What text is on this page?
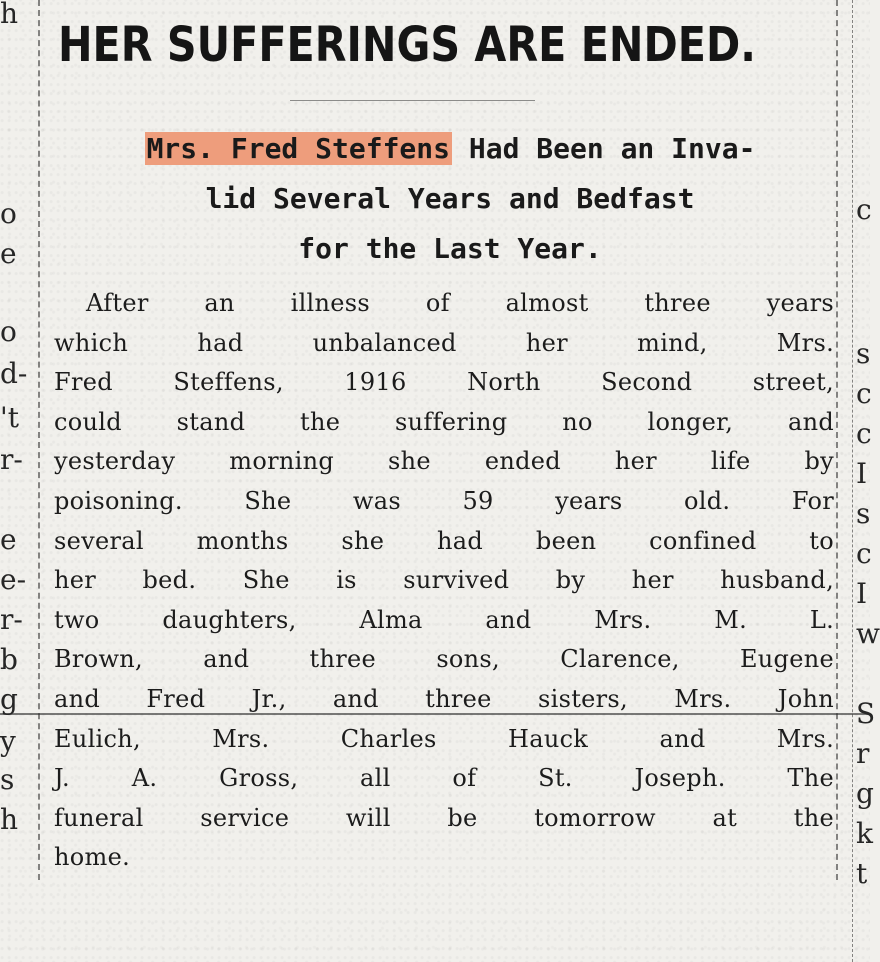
h
o
e
o
d-
't
r-
e
e-
r-
b
g
y
s
h
c
s
c
c
I
s
c
I
w
S
r
g
k
t
HER SUFFERINGS ARE ENDED.
Mrs. Fred Steffens Had Been an Inva-
lid Several Years and Bedfast
for the Last Year.
After an illness of almost three years
which had unbalanced her mind, Mrs.
Fred Steffens, 1916 North Second street,
could stand the suffering no longer, and
yesterday morning she ended her life by
poisoning. She was 59 years old. For
several months she had been confined to
her bed. She is survived by her husband,
two daughters, Alma and Mrs. M. L.
Brown, and three sons, Clarence, Eugene
and Fred Jr., and three sisters, Mrs. John
Eulich, Mrs. Charles Hauck and Mrs.
J. A. Gross, all of St. Joseph. The
funeral service will be tomorrow at the
home.
